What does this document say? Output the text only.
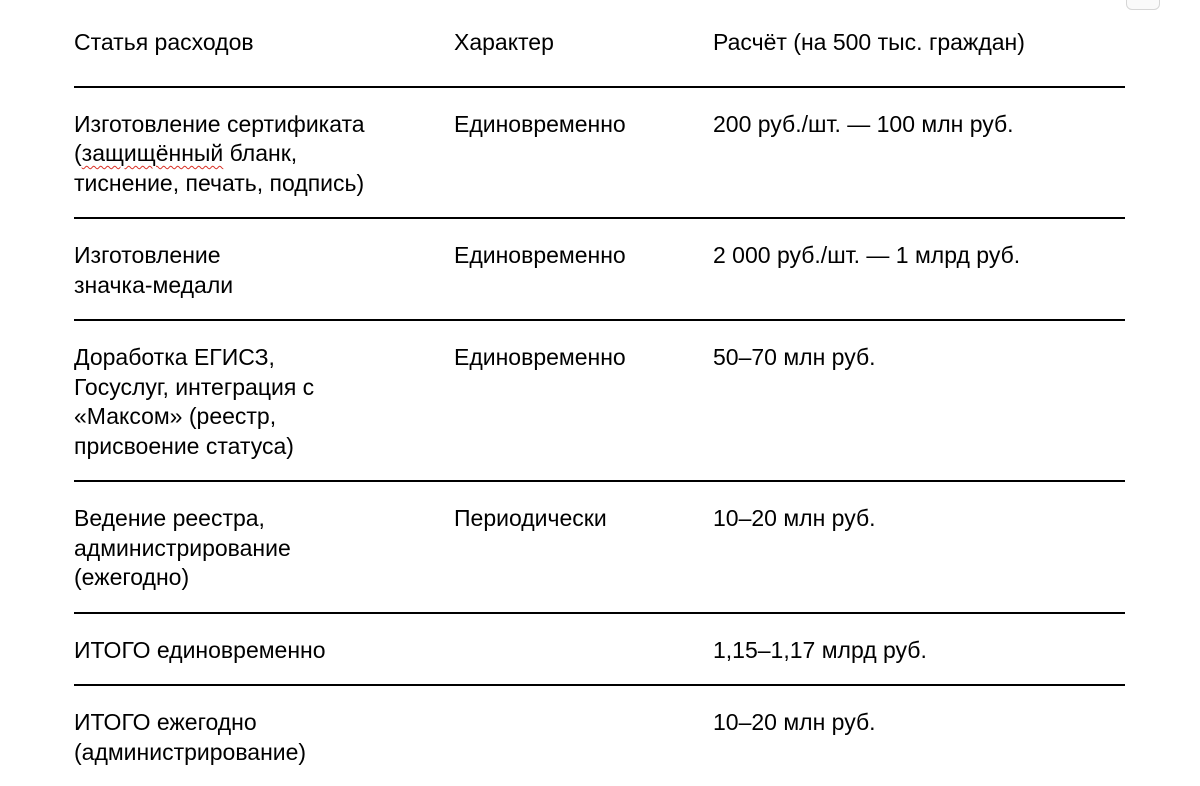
Статья расходов	Характер	Расчёт (на 500 тыс. граждан)

Изготовление сертификата
(защищённый бланк,
тиснение, печать, подпись)	Единовременно	200 руб./шт. — 100 млн руб.

Изготовление
значка-медали	Единовременно	2 000 руб./шт. — 1 млрд руб.

Доработка ЕГИСЗ,
Госуслуг, интеграция с
«Максом» (реестр,
присвоение статуса)	Единовременно	50–70 млн руб.

Ведение реестра,
администрирование
(ежегодно)	Периодически	10–20 млн руб.

ИТОГО единовременно		1,15–1,17 млрд руб.

ИТОГО ежегодно
(администрирование)		10–20 млн руб.
